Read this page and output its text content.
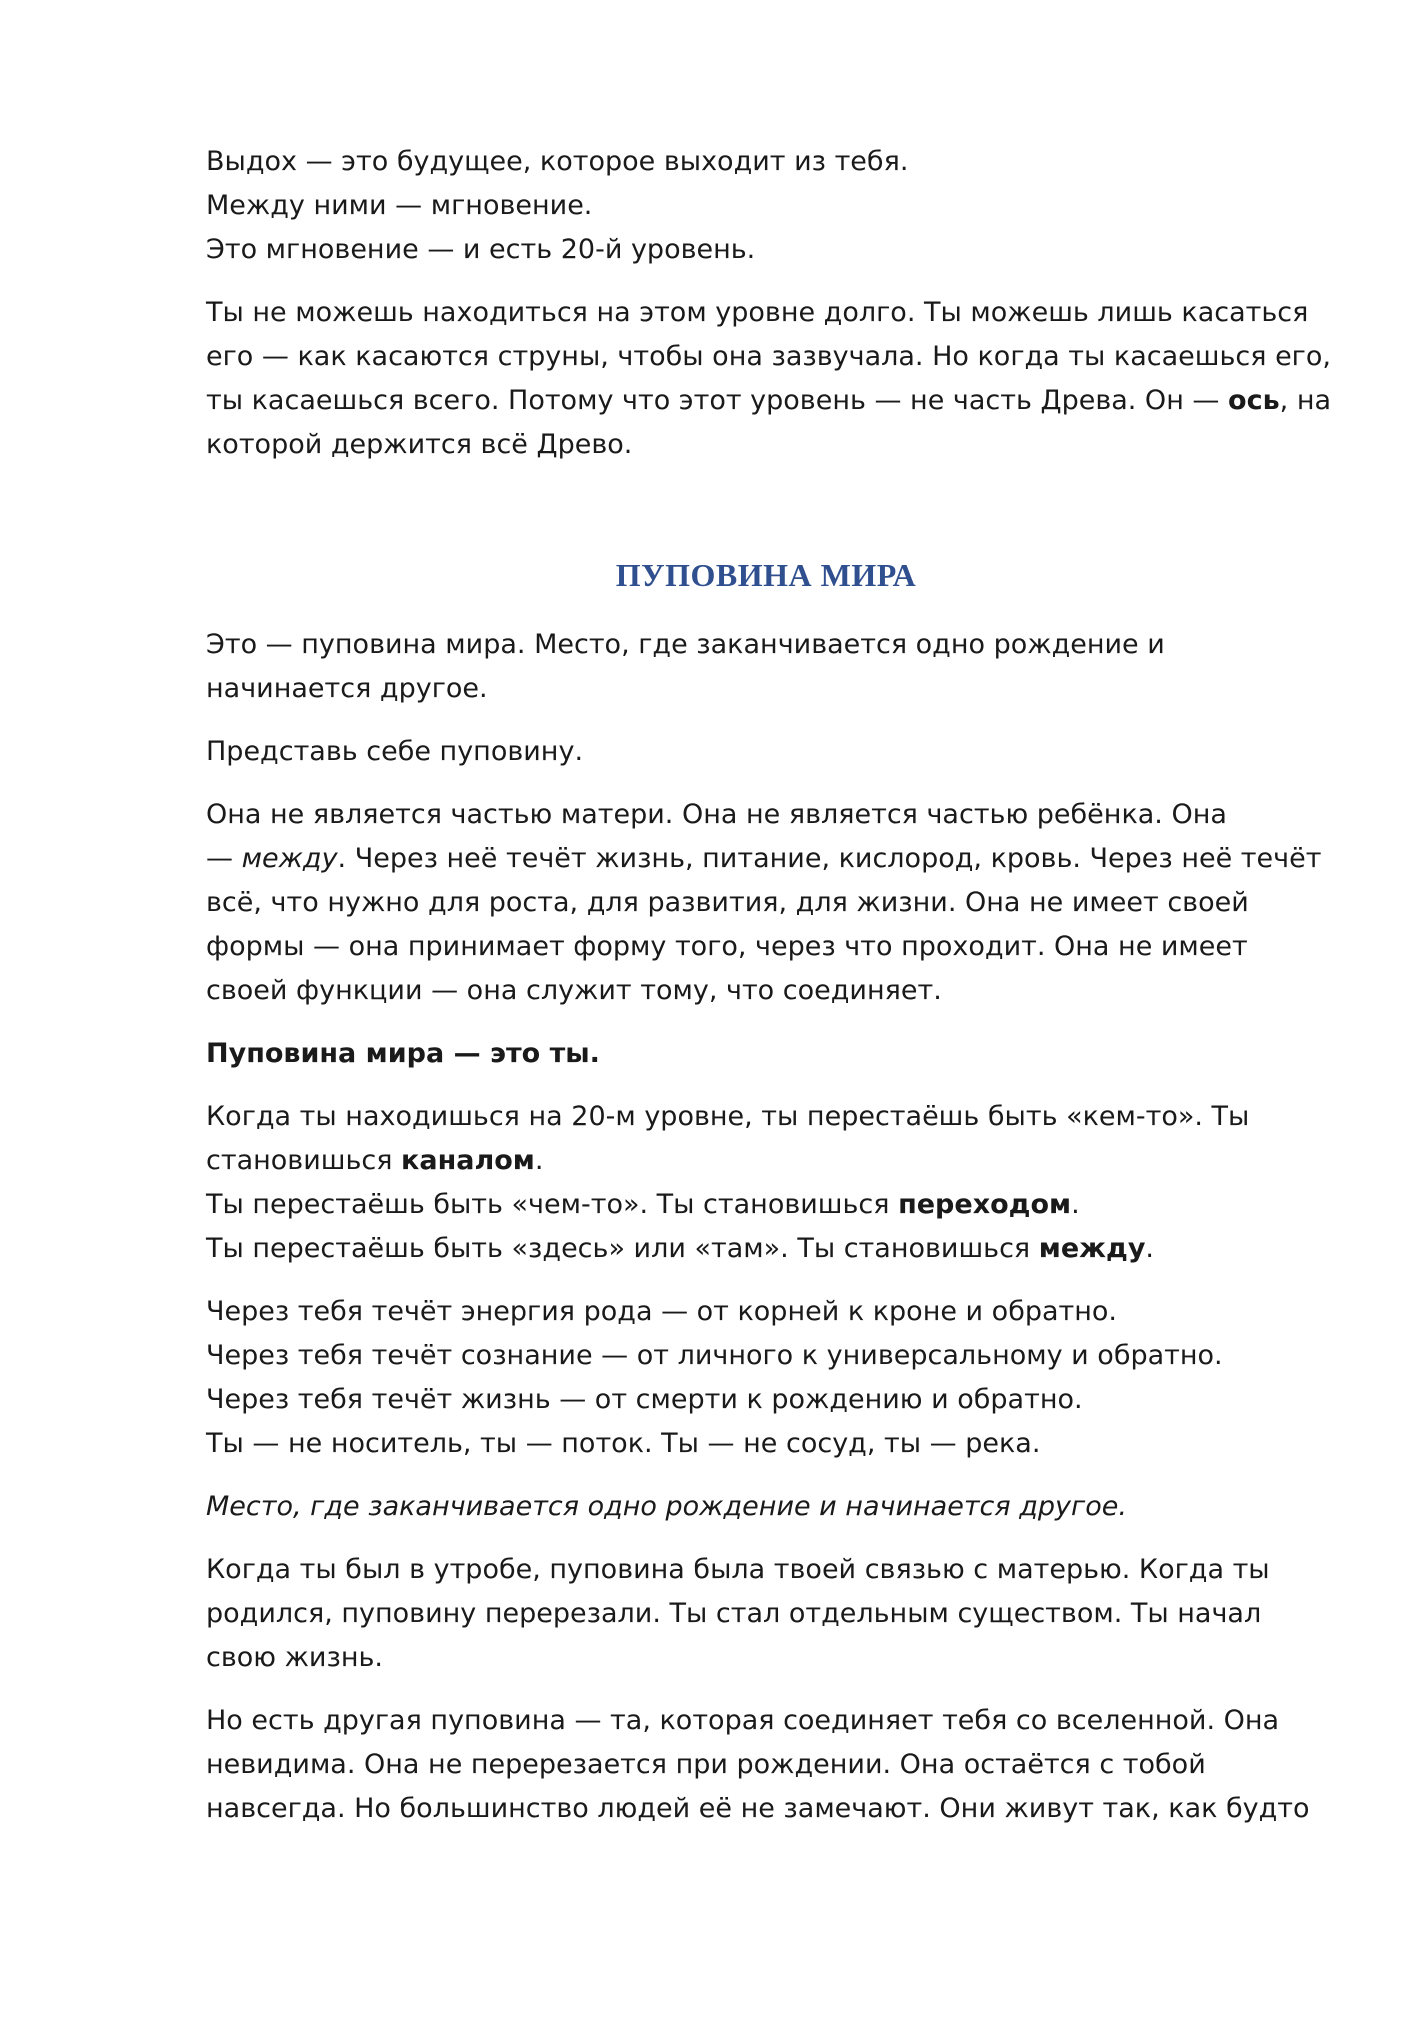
Выдох — это будущее, которое выходит из тебя.
Между ними — мгновение.
Это мгновение — и есть 20-й уровень.

Ты не можешь находиться на этом уровне долго. Ты можешь лишь касаться
его — как касаются струны, чтобы она зазвучала. Но когда ты касаешься его,
ты касаешься всего. Потому что этот уровень — не часть Древа. Он — ось, на
которой держится всё Древо.

ПУПОВИНА МИРА

Это — пуповина мира. Место, где заканчивается одно рождение и
начинается другое.

Представь себе пуповину.

Она не является частью матери. Она не является частью ребёнка. Она
— между. Через неё течёт жизнь, питание, кислород, кровь. Через неё течёт
всё, что нужно для роста, для развития, для жизни. Она не имеет своей
формы — она принимает форму того, через что проходит. Она не имеет
своей функции — она служит тому, что соединяет.

Пуповина мира — это ты.

Когда ты находишься на 20-м уровне, ты перестаёшь быть «кем-то». Ты
становишься каналом.
Ты перестаёшь быть «чем-то». Ты становишься переходом.
Ты перестаёшь быть «здесь» или «там». Ты становишься между.

Через тебя течёт энергия рода — от корней к кроне и обратно.
Через тебя течёт сознание — от личного к универсальному и обратно.
Через тебя течёт жизнь — от смерти к рождению и обратно.
Ты — не носитель, ты — поток. Ты — не сосуд, ты — река.

Место, где заканчивается одно рождение и начинается другое.

Когда ты был в утробе, пуповина была твоей связью с матерью. Когда ты
родился, пуповину перерезали. Ты стал отдельным существом. Ты начал
свою жизнь.

Но есть другая пуповина — та, которая соединяет тебя со вселенной. Она
невидима. Она не перерезается при рождении. Она остаётся с тобой
навсегда. Но большинство людей её не замечают. Они живут так, как будто
